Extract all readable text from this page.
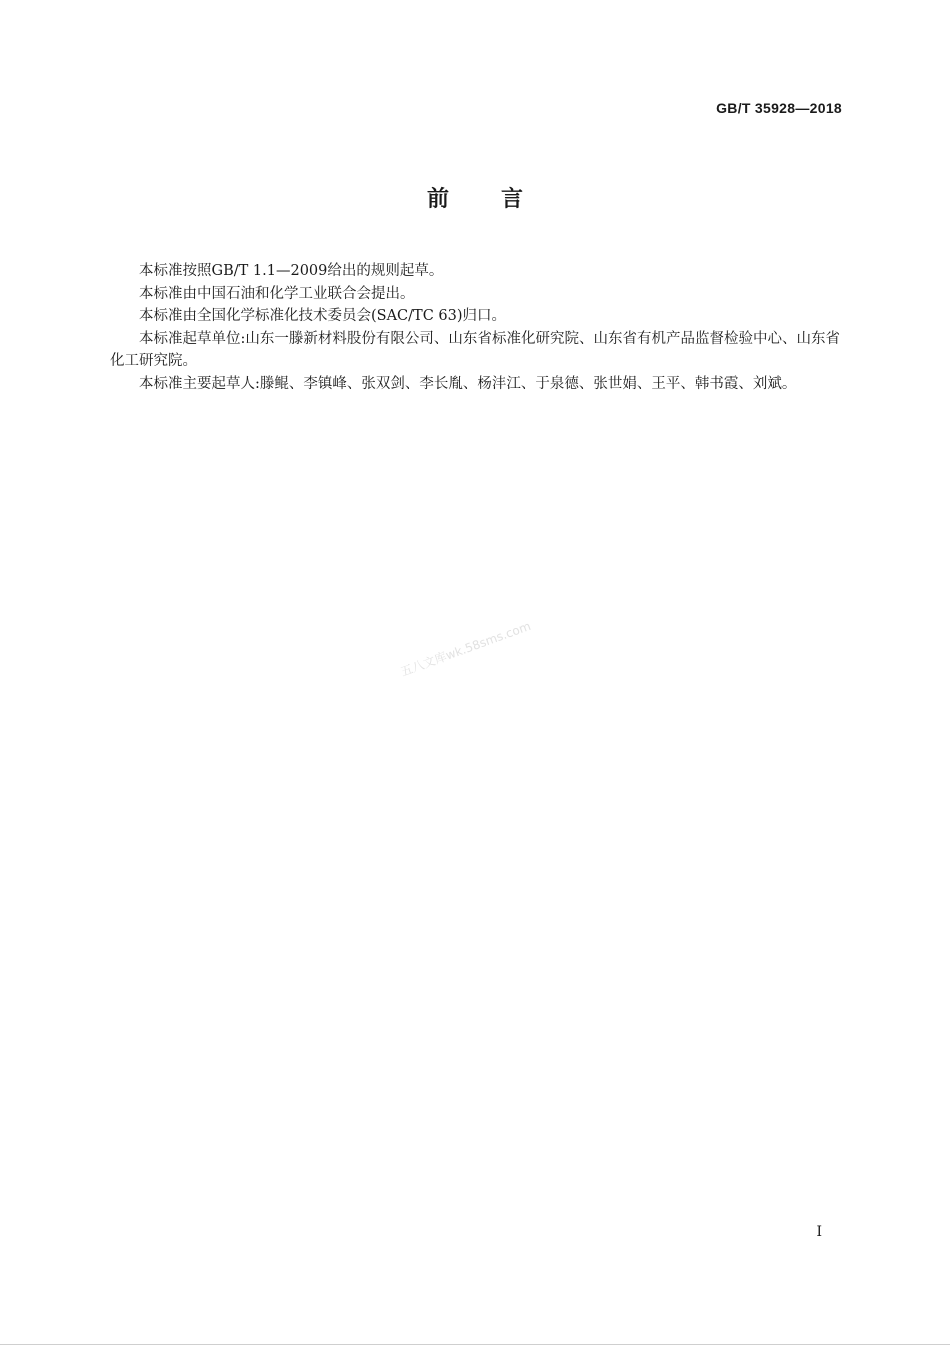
GB/T 35928—2018
前言

本标准按照GB/T 1.1—2009给出的规则起草。

本标准由中国石油和化学工业联合会提出。

本标准由全国化学标准化技术委员会(SAC/TC 63)归口。

本标准起草单位:山东一滕新材料股份有限公司、山东省标准化研究院、山东省有机产品监督检验中心、山东省化工研究院。

本标准主要起草人:滕鲲、李镇峰、张双剑、李长胤、杨沣江、于泉德、张世娟、王平、韩书霞、刘斌。

五八文库wk.58sms.com
I
